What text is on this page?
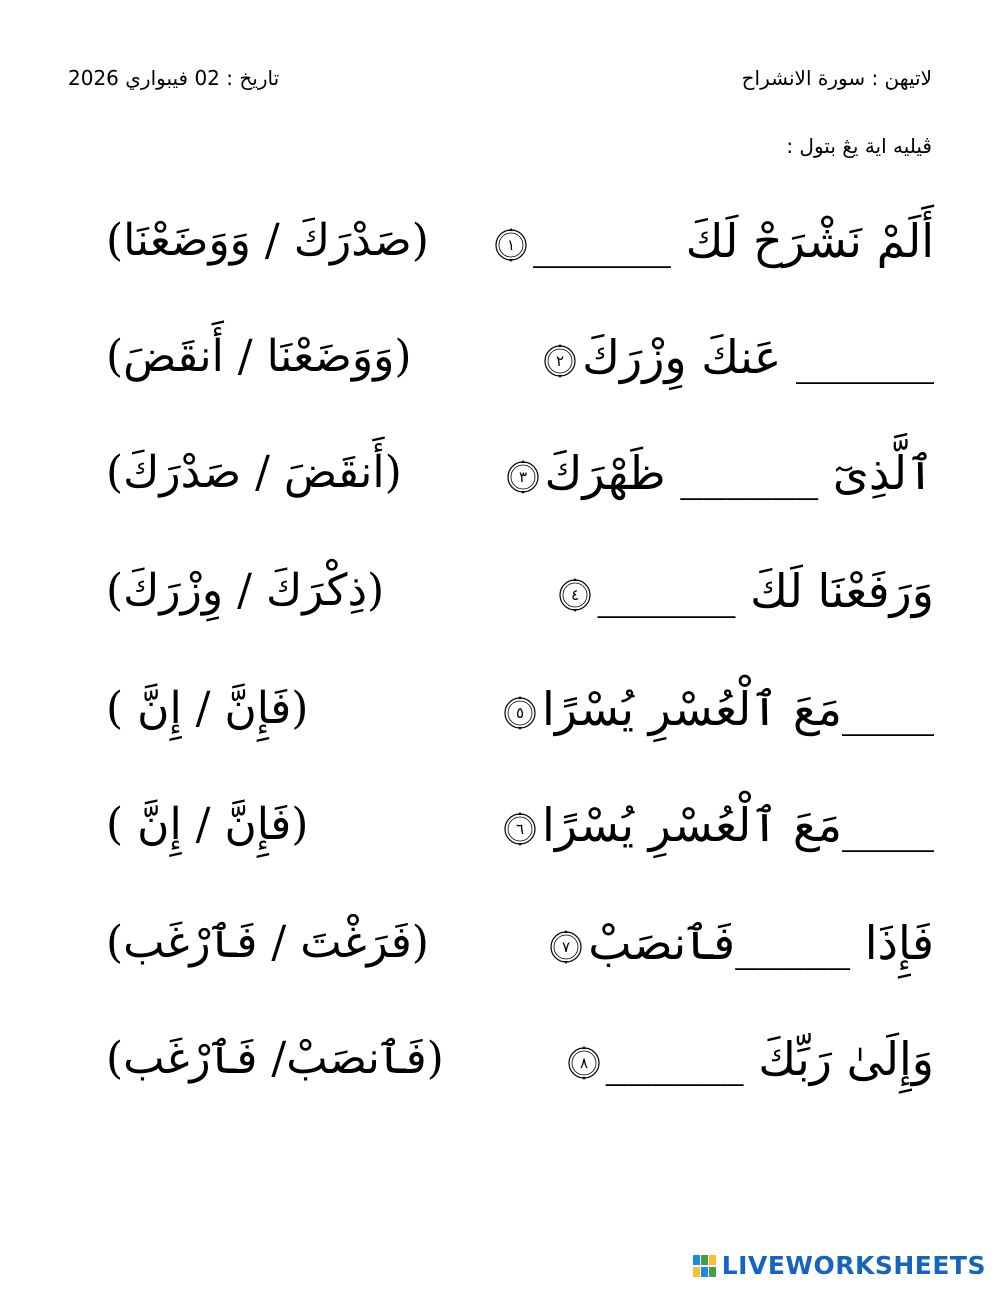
تاريخ : 02 فيبواري 2026	لاتيهن : سورة الانشراح
ڤيليه اية يڠ بتول :
أَلَمْ نَشْرَحْ لَكَ ______
١
(صَدْرَكَ / وَوَضَعْنَا)
______ عَنكَ وِزْرَكَ
٢
(وَوَضَعْنَا / أَنقَضَ)
ٱلَّذِىٓ ______ ظَهْرَكَ
٣
(أَنقَضَ / صَدْرَكَ)
وَرَفَعْنَا لَكَ ______
٤
(ذِكْرَكَ / وِزْرَكَ)
____مَعَ ٱلْعُسْرِ يُسْرًا
٥
(فَإِنَّ / إِنَّ )
____مَعَ ٱلْعُسْرِ يُسْرًا
٦
(فَإِنَّ / إِنَّ )
فَإِذَا _____فَٱنصَبْ
٧
(فَرَغْتَ / فَٱرْغَب)
وَإِلَىٰ رَبِّكَ ______
٨
(فَٱنصَبْ/ فَٱرْغَب)
LIVEWORKSHEETS
